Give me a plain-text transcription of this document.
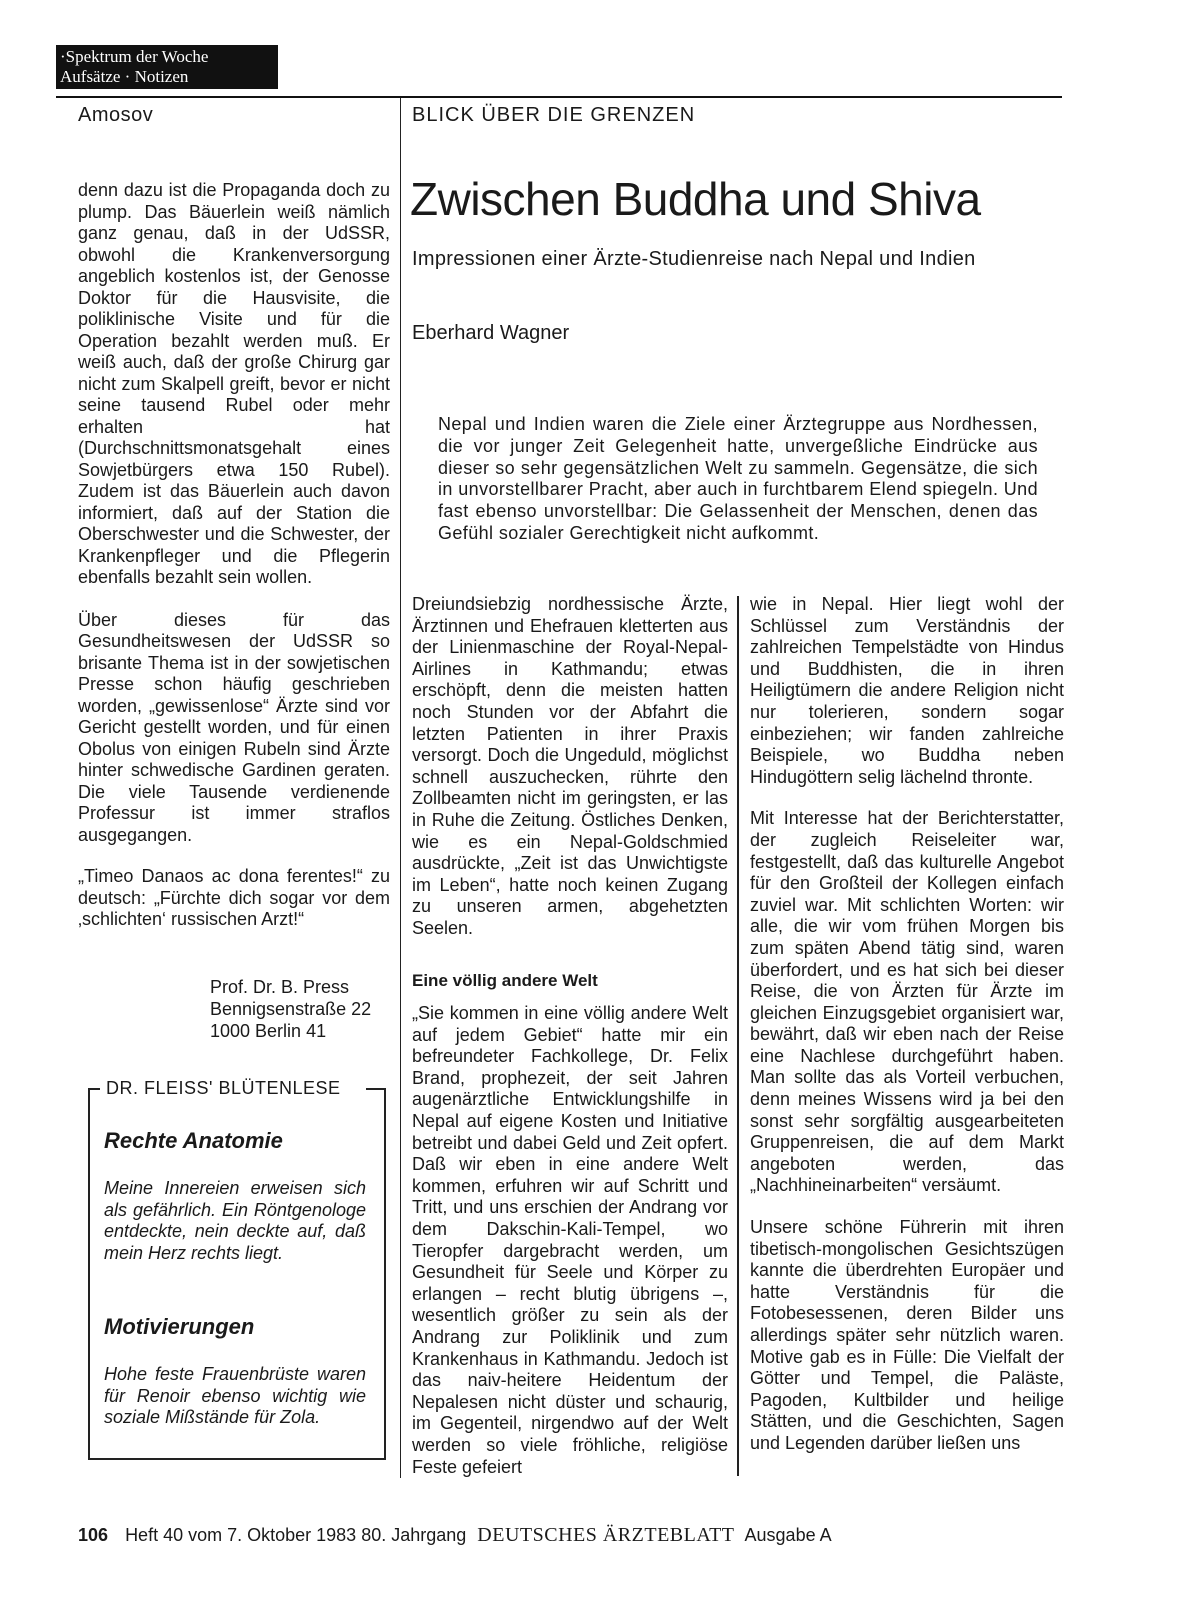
·Spektrum der Woche
Aufsätze · Notizen
Amosov

denn dazu ist die Propaganda doch zu plump. Das Bäuerlein weiß nämlich ganz genau, daß in der UdSSR, obwohl die Krankenversorgung angeblich kostenlos ist, der Genosse Doktor für die Hausvisite, die poliklinische Visite und für die Operation bezahlt werden muß. Er weiß auch, daß der große Chirurg gar nicht zum Skalpell greift, bevor er nicht seine tausend Rubel oder mehr erhalten hat (Durchschnittsmonatsgehalt eines Sowjetbürgers etwa 150 Rubel). Zudem ist das Bäuerlein auch davon informiert, daß auf der Station die Oberschwester und die Schwester, der Krankenpfleger und die Pflegerin ebenfalls bezahlt sein wollen.

Über dieses für das Gesundheitswesen der UdSSR so brisante Thema ist in der sowjetischen Presse schon häufig geschrieben worden, „gewissenlose“ Ärzte sind vor Gericht gestellt worden, und für einen Obolus von einigen Rubeln sind Ärzte hinter schwedische Gardinen geraten. Die viele Tausende verdienende Professur ist immer straflos ausgegangen.

„Timeo Danaos ac dona ferentes!“ zu deutsch: „Fürchte dich sogar vor dem ‚schlichten‘ russischen Arzt!“

Prof. Dr. B. Press
Bennigsenstraße 22
1000 Berlin 41
DR. FLEISS' BLÜTENLESE
Rechte Anatomie
Meine Innereien erweisen sich als gefährlich. Ein Röntgenologe entdeckte, nein deckte auf, daß mein Herz rechts liegt.
Motivierungen
Hohe feste Frauenbrüste waren für Renoir ebenso wichtig wie soziale Mißstände für Zola.
BLICK ÜBER DIE GRENZEN
Zwischen Buddha und Shiva
Impressionen einer Ärzte-Studienreise nach Nepal und Indien
Eberhard Wagner

Nepal und Indien waren die Ziele einer Ärztegruppe aus Nordhessen, die vor junger Zeit Gelegenheit hatte, unvergeßliche Eindrücke aus dieser so sehr gegensätzlichen Welt zu sammeln. Gegensätze, die sich in unvorstellbarer Pracht, aber auch in furchtbarem Elend spiegeln. Und fast ebenso unvorstellbar: Die Gelassenheit der Menschen, denen das Gefühl sozialer Gerechtigkeit nicht aufkommt.

Dreiundsiebzig nordhessische Ärzte, Ärztinnen und Ehefrauen kletterten aus der Linienmaschine der Royal-Nepal-Airlines in Kathmandu; etwas erschöpft, denn die meisten hatten noch Stunden vor der Abfahrt die letzten Patienten in ihrer Praxis versorgt. Doch die Ungeduld, möglichst schnell auszuchecken, rührte den Zollbeamten nicht im geringsten, er las in Ruhe die Zeitung. Östliches Denken, wie es ein Nepal-Goldschmied ausdrückte, „Zeit ist das Unwichtigste im Leben“, hatte noch keinen Zugang zu unseren armen, abgehetzten Seelen.

Eine völlig andere Welt

„Sie kommen in eine völlig andere Welt auf jedem Gebiet“ hatte mir ein befreundeter Fachkollege, Dr. Felix Brand, prophezeit, der seit Jahren augenärztliche Entwicklungshilfe in Nepal auf eigene Kosten und Initiative betreibt und dabei Geld und Zeit opfert. Daß wir eben in eine andere Welt kommen, erfuhren wir auf Schritt und Tritt, und uns erschien der Andrang vor dem Dakschin-Kali-Tempel, wo Tieropfer dargebracht werden, um Gesundheit für Seele und Körper zu erlangen – recht blutig übrigens –, wesentlich größer zu sein als der Andrang zur Poliklinik und zum Krankenhaus in Kathmandu. Jedoch ist das naiv-heitere Heidentum der Nepalesen nicht düster und schaurig, im Gegenteil, nirgendwo auf der Welt werden so viele fröhliche, religiöse Feste gefeiert

wie in Nepal. Hier liegt wohl der Schlüssel zum Verständnis der zahlreichen Tempelstädte von Hindus und Buddhisten, die in ihren Heiligtümern die andere Religion nicht nur tolerieren, sondern sogar einbeziehen; wir fanden zahlreiche Beispiele, wo Buddha neben Hindugöttern selig lächelnd thronte.

Mit Interesse hat der Berichterstatter, der zugleich Reiseleiter war, festgestellt, daß das kulturelle Angebot für den Großteil der Kollegen einfach zuviel war. Mit schlichten Worten: wir alle, die wir vom frühen Morgen bis zum späten Abend tätig sind, waren überfordert, und es hat sich bei dieser Reise, die von Ärzten für Ärzte im gleichen Einzugsgebiet organisiert war, bewährt, daß wir eben nach der Reise eine Nachlese durchgeführt haben. Man sollte das als Vorteil verbuchen, denn meines Wissens wird ja bei den sonst sehr sorgfältig ausgearbeiteten Gruppenreisen, die auf dem Markt angeboten werden, das „Nachhineinarbeiten“ versäumt.

Unsere schöne Führerin mit ihren tibetisch-mongolischen Gesichtszügen kannte die überdrehten Europäer und hatte Verständnis für die Fotobesessenen, deren Bilder uns allerdings später sehr nützlich waren. Motive gab es in Fülle: Die Vielfalt der Götter und Tempel, die Paläste, Pagoden, Kultbilder und heilige Stätten, und die Geschichten, Sagen und Legenden darüber ließen uns

106 Heft 40 vom 7. Oktober 1983 80. Jahrgang DEUTSCHES ÄRZTEBLATT Ausgabe A
